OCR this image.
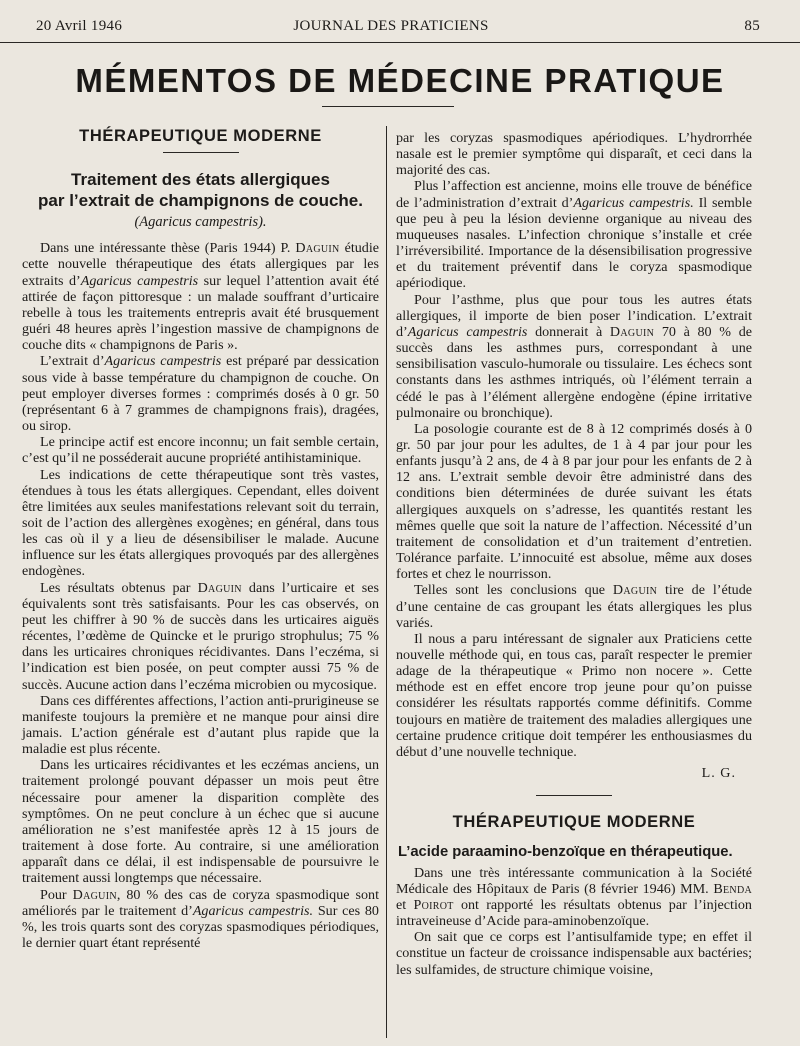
20 Avril 1946	JOURNAL DES PRATICIENS	85
MÉMENTOS DE MÉDECINE PRATIQUE
THÉRAPEUTIQUE MODERNE
Traitement des états allergiques
par l’extrait de champignons de couche.
(Agaricus campestris).

Dans une intéressante thèse (Paris 1944) P. Daguin étudie cette nouvelle thérapeutique des états allergiques par les extraits d’Agaricus campestris sur lequel l’attention avait été attirée de façon pittoresque : un malade souffrant d’urticaire rebelle à tous les traitements entrepris avait été brusquement guéri 48 heures après l’ingestion massive de champignons de couche dits « champignons de Paris ».

L’extrait d’Agaricus campestris est préparé par dessication sous vide à basse température du champignon de couche. On peut employer diverses formes : comprimés dosés à 0 gr. 50 (représentant 6 à 7 grammes de champignons frais), dragées, ou sirop.

Le principe actif est encore inconnu; un fait semble certain, c’est qu’il ne posséderait aucune propriété antihistaminique.

Les indications de cette thérapeutique sont très vastes, étendues à tous les états allergiques. Cependant, elles doivent être limitées aux seules manifestations relevant soit du terrain, soit de l’action des allergènes exogènes; en général, dans tous les cas où il y a lieu de désensibiliser le malade. Aucune influence sur les états allergiques provoqués par des allergènes endogènes.

Les résultats obtenus par Daguin dans l’urticaire et ses équivalents sont très satisfaisants. Pour les cas observés, on peut les chiffrer à 90 % de succès dans les urticaires aiguës récentes, l’œdème de Quincke et le prurigo strophulus; 75 % dans les urticaires chroniques récidivantes. Dans l’eczéma, si l’indication est bien posée, on peut compter aussi 75 % de succès. Aucune action dans l’eczéma microbien ou mycosique.

Dans ces différentes affections, l’action anti-prurigineuse se manifeste toujours la première et ne manque pour ainsi dire jamais. L’action générale est d’autant plus rapide que la maladie est plus récente.

Dans les urticaires récidivantes et les eczémas anciens, un traitement prolongé pouvant dépasser un mois peut être nécessaire pour amener la disparition complète des symptômes. On ne peut conclure à un échec que si aucune amélioration ne s’est manifestée après 12 à 15 jours de traitement à dose forte. Au contraire, si une amélioration apparaît dans ce délai, il est indispensable de poursuivre le traitement aussi longtemps que nécessaire.

Pour Daguin, 80 % des cas de coryza spasmodique sont améliorés par le traitement d’Agaricus campestris. Sur ces 80 %, les trois quarts sont des coryzas spasmodiques périodiques, le dernier quart étant représenté

par les coryzas spasmodiques apériodiques. L’hydrorrhée nasale est le premier symptôme qui disparaît, et ceci dans la majorité des cas.

Plus l’affection est ancienne, moins elle trouve de bénéfice de l’administration d’extrait d’Agaricus campestris. Il semble que peu à peu la lésion devienne organique au niveau des muqueuses nasales. L’infection chronique s’installe et crée l’irréversibilité. Importance de la désensibilisation progressive et du traitement préventif dans le coryza spasmodique apériodique.

Pour l’asthme, plus que pour tous les autres états allergiques, il importe de bien poser l’indication. L’extrait d’Agaricus campestris donnerait à Daguin 70 à 80 % de succès dans les asthmes purs, correspondant à une sensibilisation vasculo-humorale ou tissulaire. Les échecs sont constants dans les asthmes intriqués, où l’élément terrain a cédé le pas à l’élément allergène endogène (épine irritative pulmonaire ou bronchique).

La posologie courante est de 8 à 12 comprimés dosés à 0 gr. 50 par jour pour les adultes, de 1 à 4 par jour pour les enfants jusqu’à 2 ans, de 4 à 8 par jour pour les enfants de 2 à 12 ans. L’extrait semble devoir être administré dans des conditions bien déterminées de durée suivant les états allergiques auxquels on s’adresse, les quantités restant les mêmes quelle que soit la nature de l’affection. Nécessité d’un traitement de consolidation et d’un traitement d’entretien. Tolérance parfaite. L’innocuité est absolue, même aux doses fortes et chez le nourrisson.

Telles sont les conclusions que Daguin tire de l’étude d’une centaine de cas groupant les états allergiques les plus variés.

Il nous a paru intéressant de signaler aux Praticiens cette nouvelle méthode qui, en tous cas, paraît respecter le premier adage de la thérapeutique « Primo non nocere ». Cette méthode est en effet encore trop jeune pour qu’on puisse considérer les résultats rapportés comme définitifs. Comme toujours en matière de traitement des maladies allergiques une certaine prudence critique doit tempérer les enthousiasmes du début d’une nouvelle technique.

L. G.
THÉRAPEUTIQUE MODERNE
L’acide paraamino-benzoïque en thérapeutique.

Dans une très intéressante communication à la Société Médicale des Hôpitaux de Paris (8 février 1946) MM. Benda et Poirot ont rapporté les résultats obtenus par l’injection intraveineuse d’Acide para-aminobenzoïque.

On sait que ce corps est l’antisulfamide type; en effet il constitue un facteur de croissance indispensable aux bactéries; les sulfamides, de structure chimique voisine,
